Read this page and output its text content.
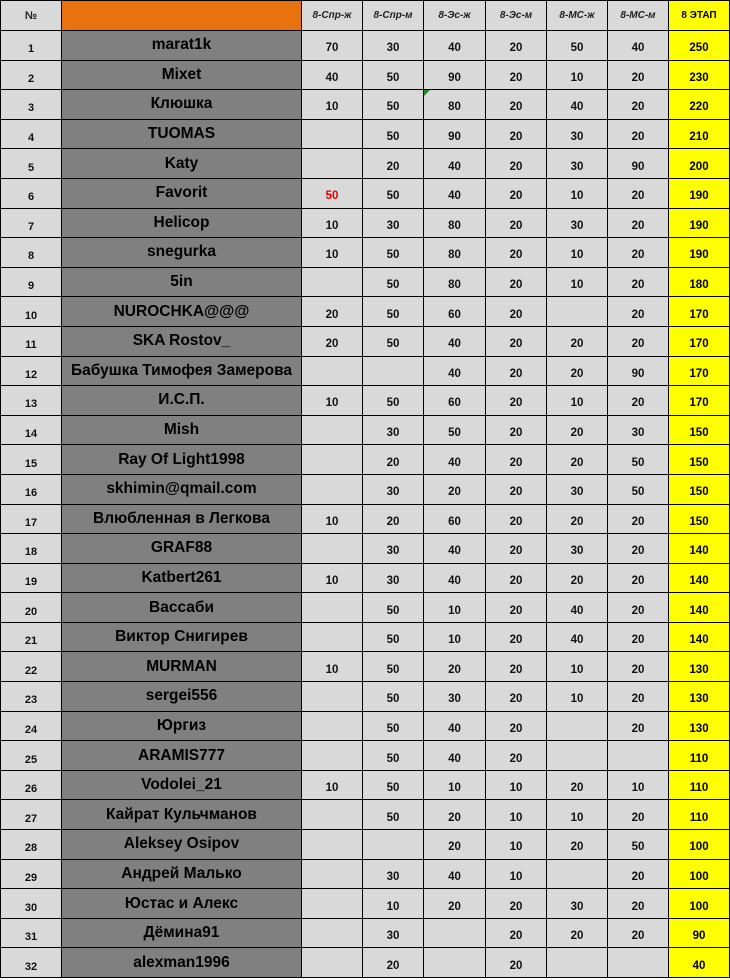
№		8-Спр-ж	8-Спр-м	8-Эс-ж	8-Эс-м	8-МС-ж	8-МС-м	8 ЭТАП
1	marat1k	70	30	40	20	50	40	250
2	Mixet	40	50	90	20	10	20	230
3	Клюшка	10	50	80	20	40	20	220
4	TUOMAS		50	90	20	30	20	210
5	Katy		20	40	20	30	90	200
6	Favorit	50	50	40	20	10	20	190
7	Helicop	10	30	80	20	30	20	190
8	snegurka	10	50	80	20	10	20	190
9	5in		50	80	20	10	20	180
10	NUROCHKA@@@	20	50	60	20		20	170
11	SKA Rostov_	20	50	40	20	20	20	170
12	Бабушка Тимофея Замерова			40	20	20	90	170
13	И.С.П.	10	50	60	20	10	20	170
14	Mish		30	50	20	20	30	150
15	Ray Of Light1998		20	40	20	20	50	150
16	skhimin@qmail.com		30	20	20	30	50	150
17	Влюбленная в Легкова	10	20	60	20	20	20	150
18	GRAF88		30	40	20	30	20	140
19	Katbert261	10	30	40	20	20	20	140
20	Вассаби		50	10	20	40	20	140
21	Виктор Снигирев		50	10	20	40	20	140
22	MURMAN	10	50	20	20	10	20	130
23	sergei556		50	30	20	10	20	130
24	Юргиз		50	40	20		20	130
25	ARAMIS777		50	40	20			110
26	Vodolei_21	10	50	10	10	20	10	110
27	Кайрат Кульчманов		50	20	10	10	20	110
28	Aleksey Osipov			20	10	20	50	100
29	Андрей Малько		30	40	10		20	100
30	Юстас и Алекс		10	20	20	30	20	100
31	Дёмина91		30		20	20	20	90
32	alexman1996		20		20			40
